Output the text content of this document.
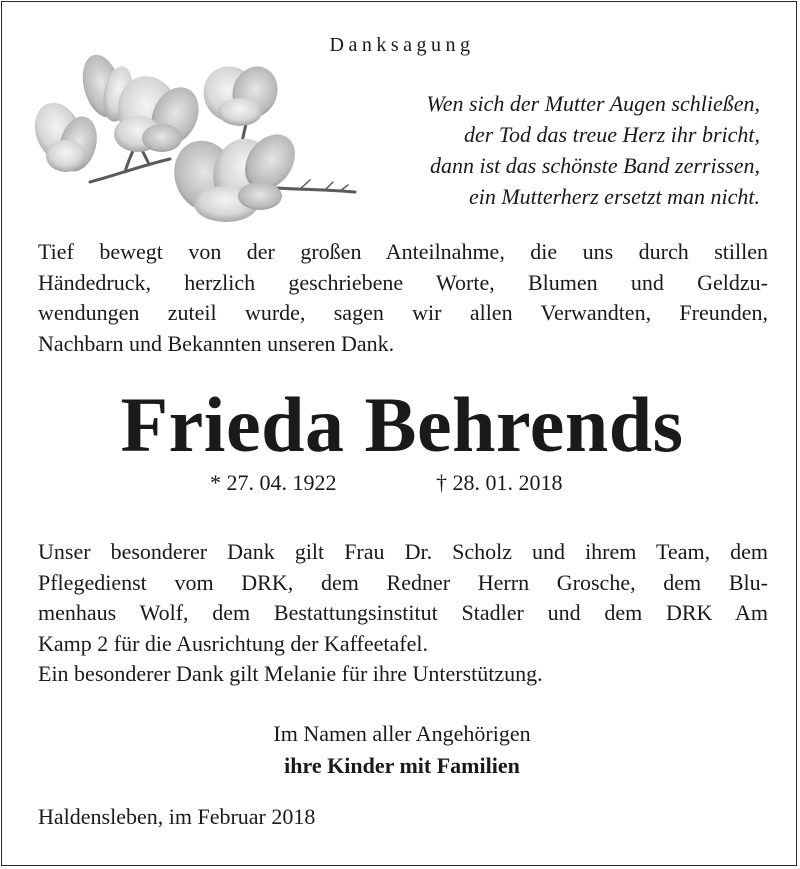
Danksagung
Wen sich der Mutter Augen schließen,
der Tod das treue Herz ihr bricht,
dann ist das schönste Band zerrissen,
ein Mutterherz ersetzt man nicht.
Tief bewegt von der großen Anteilnahme, die uns durch stillen
Händedruck, herzlich geschriebene Worte, Blumen und Geldzu-
wendungen zuteil wurde, sagen wir allen Verwandten, Freunden,
Nachbarn und Bekannten unseren Dank.
Frieda Behrends
* 27. 04. 1922	† 28. 01. 2018
Unser besonderer Dank gilt Frau Dr. Scholz und ihrem Team, dem
Pflegedienst vom DRK, dem Redner Herrn Grosche, dem Blu-
menhaus Wolf, dem Bestattungsinstitut Stadler und dem DRK Am
Kamp 2 für die Ausrichtung der Kaffeetafel.
Ein besonderer Dank gilt Melanie für ihre Unterstützung.
Im Namen aller Angehörigen
ihre Kinder mit Familien
Haldensleben, im Februar 2018
